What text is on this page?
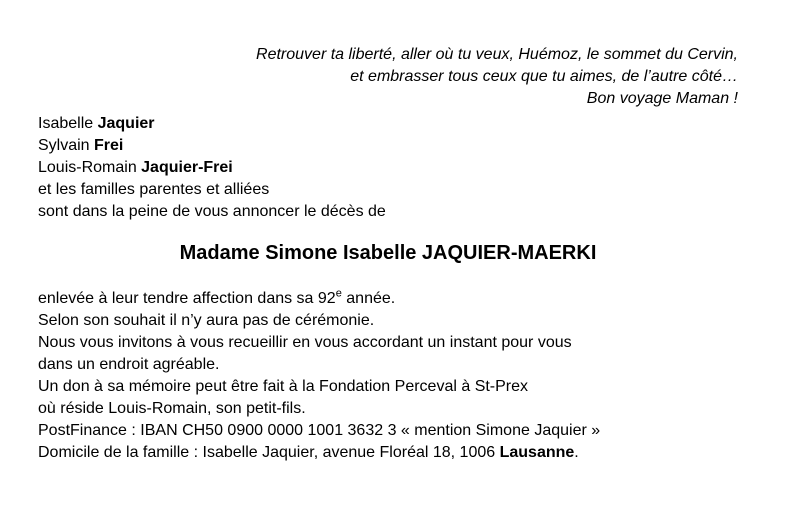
Retrouver ta liberté, aller où tu veux, Huémoz, le sommet du Cervin,
et embrasser tous ceux que tu aimes, de l’autre côté…
Bon voyage Maman !
Isabelle Jaquier
Sylvain Frei
Louis-Romain Jaquier-Frei
et les familles parentes et alliées
sont dans la peine de vous annoncer le décès de
Madame Simone Isabelle JAQUIER-MAERKI
enlevée à leur tendre affection dans sa 92e année.
Selon son souhait il n’y aura pas de cérémonie.
Nous vous invitons à vous recueillir en vous accordant un instant pour vous
dans un endroit agréable.
Un don à sa mémoire peut être fait à la Fondation Perceval à St-Prex
où réside Louis-Romain, son petit-fils.
PostFinance : IBAN CH50 0900 0000 1001 3632 3 « mention Simone Jaquier »
Domicile de la famille : Isabelle Jaquier, avenue Floréal 18, 1006 Lausanne.
